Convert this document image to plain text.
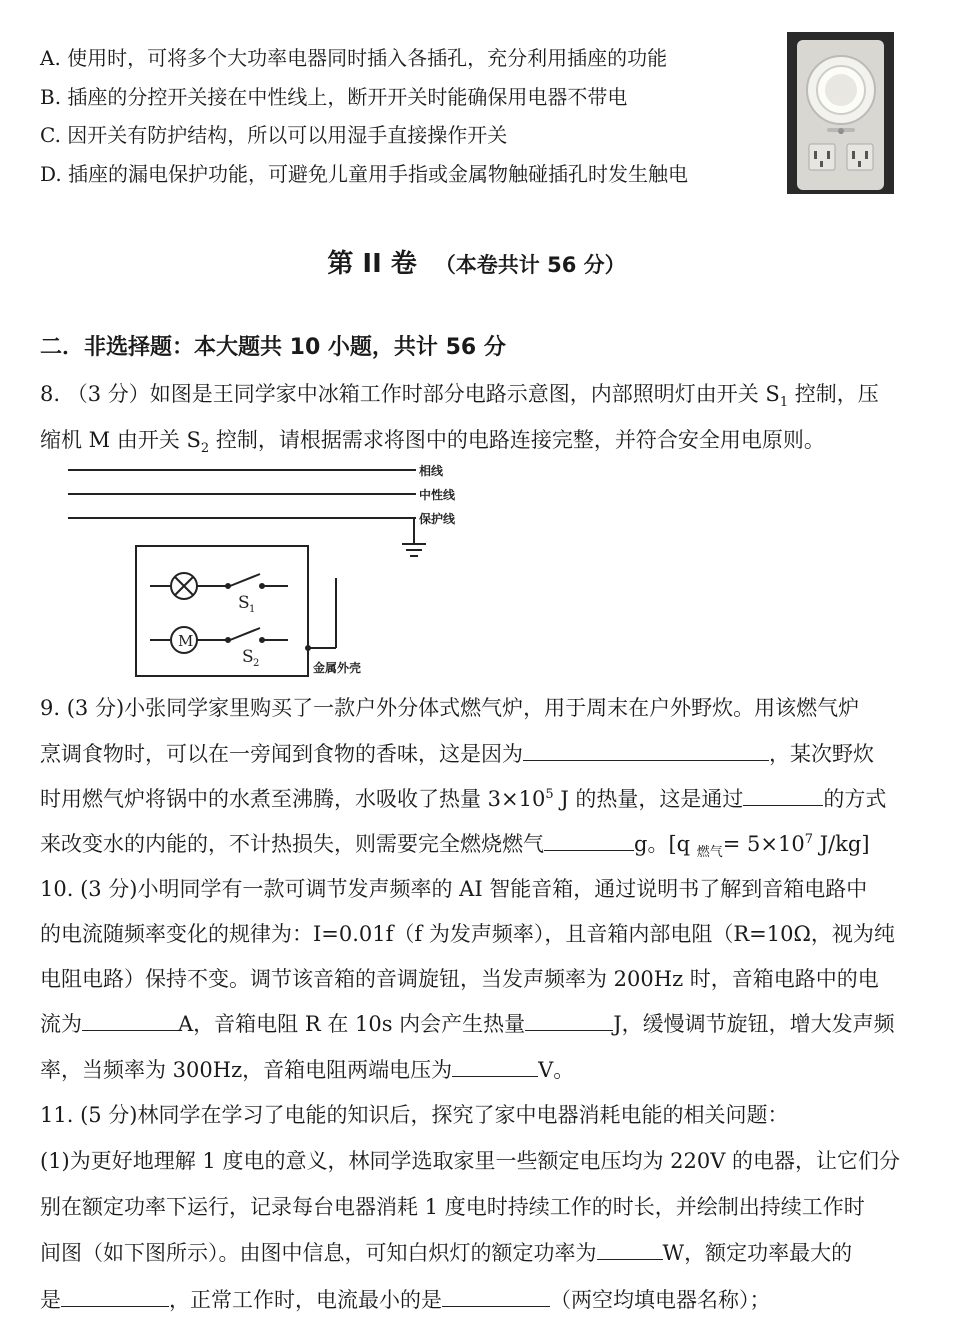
A. 使用时，可将多个大功率电器同时插入各插孔，充分利用插座的功能
B. 插座的分控开关接在中性线上，断开开关时能确保用电器不带电
C. 因开关有防护结构，所以可以用湿手直接操作开关
D. 插座的漏电保护功能，可避免儿童用手指或金属物触碰插孔时发生触电
第 II 卷 （本卷共计 56 分）
二．非选择题：本大题共 10 小题，共计 56 分
8. （3 分）如图是王同学家中冰箱工作时部分电路示意图，内部照明灯由开关 $S_1$ 控制，压
缩机 M 由开关 $S_2$ 控制，请根据需求将图中的电路连接完整，并符合安全用电原则。
相线
中性线
保护线
金属外壳
M
S 1
S 2
9. (3 分)小张同学家里购买了一款户外分体式燃气炉，用于周末在户外野炊。用该燃气炉
烹调食物时，可以在一旁闻到食物的香味，这是因为	，某次野炊
时用燃气炉将锅中的水煮至沸腾，水吸收了热量 $3\times 10^5$ J 的热量，这是通过	的方式
来改变水的内能的，不计热损失，则需要完全燃烧燃气	g。[q $_{燃气}= 5\times 10^7$ J/kg]
10. (3 分)小明同学有一款可调节发声频率的 AI 智能音箱，通过说明书了解到音箱电路中
的电流随频率变化的规律为：I=0.01f（f 为发声频率），且音箱内部电阻（R=10Ω，视为纯
电阻电路）保持不变。调节该音箱的音调旋钮，当发声频率为 200Hz 时，音箱电路中的电
流为	A，音箱电阻 R 在 10s 内会产生热量	J，缓慢调节旋钮，增大发声频
率，当频率为 300Hz，音箱电阻两端电压为	V。
11. (5 分)林同学在学习了电能的知识后，探究了家中电器消耗电能的相关问题：
(1)为更好地理解 1 度电的意义，林同学选取家里一些额定电压均为 220V 的电器，让它们分
别在额定功率下运行，记录每台电器消耗 1 度电时持续工作的时长，并绘制出持续工作时
间图（如下图所示）。由图中信息，可知白炽灯的额定功率为	W，额定功率最大的
是	，正常工作时，电流最小的是	（两空均填电器名称）；
